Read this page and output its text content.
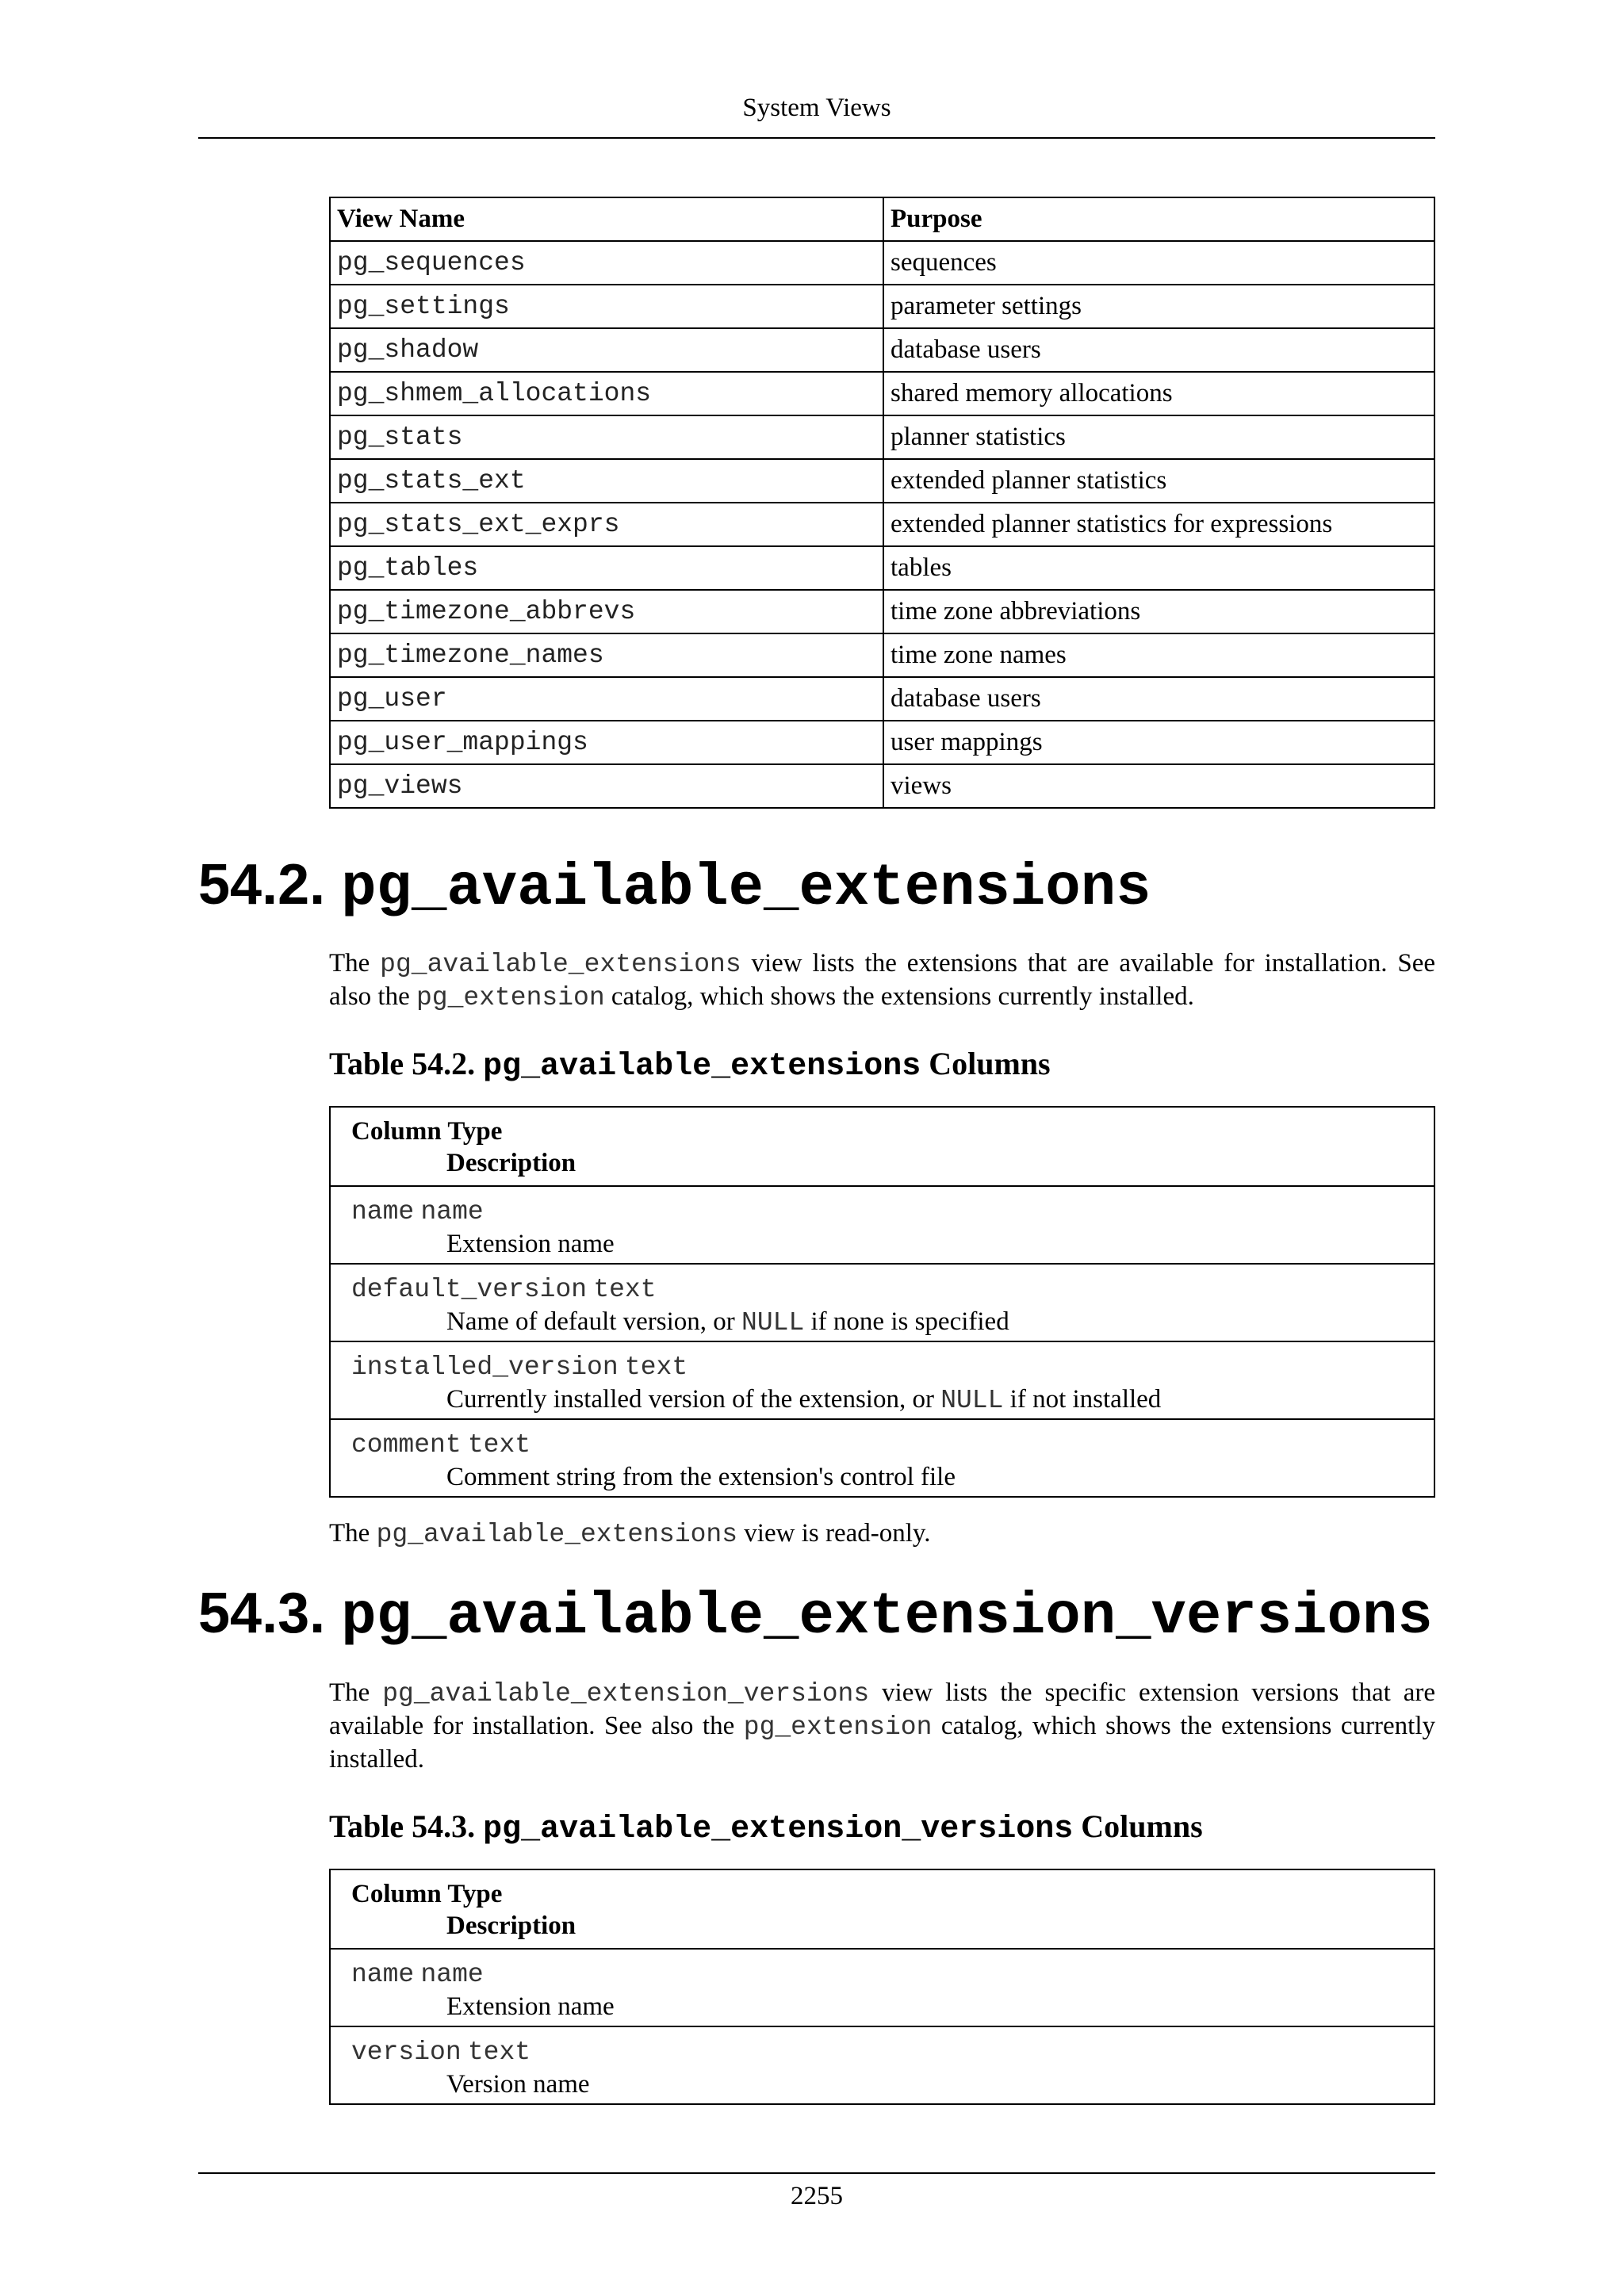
System Views
View Name	Purpose
pg_sequences	sequences
pg_settings	parameter settings
pg_shadow	database users
pg_shmem_allocations	shared memory allocations
pg_stats	planner statistics
pg_stats_ext	extended planner statistics
pg_stats_ext_exprs	extended planner statistics for expressions
pg_tables	tables
pg_timezone_abbrevs	time zone abbreviations
pg_timezone_names	time zone names
pg_user	database users
pg_user_mappings	user mappings
pg_views	views
54.2. pg_available_extensions
The pg_available_extensions view lists the extensions that are available for installation. See also the pg_extension catalog, which shows the extensions currently installed.
Table 54.2. pg_available_extensions Columns
Column Type
Description
name name
Extension name
default_version text
Name of default version, or NULL if none is specified
installed_version text
Currently installed version of the extension, or NULL if not installed
comment text
Comment string from the extension's control file
The pg_available_extensions view is read-only.
54.3. pg_available_extension_versions
The pg_available_extension_versions view lists the specific extension versions that are available for installation. See also the pg_extension catalog, which shows the extensions currently installed.
Table 54.3. pg_available_extension_versions Columns
Column Type
Description
name name
Extension name
version text
Version name
2255
